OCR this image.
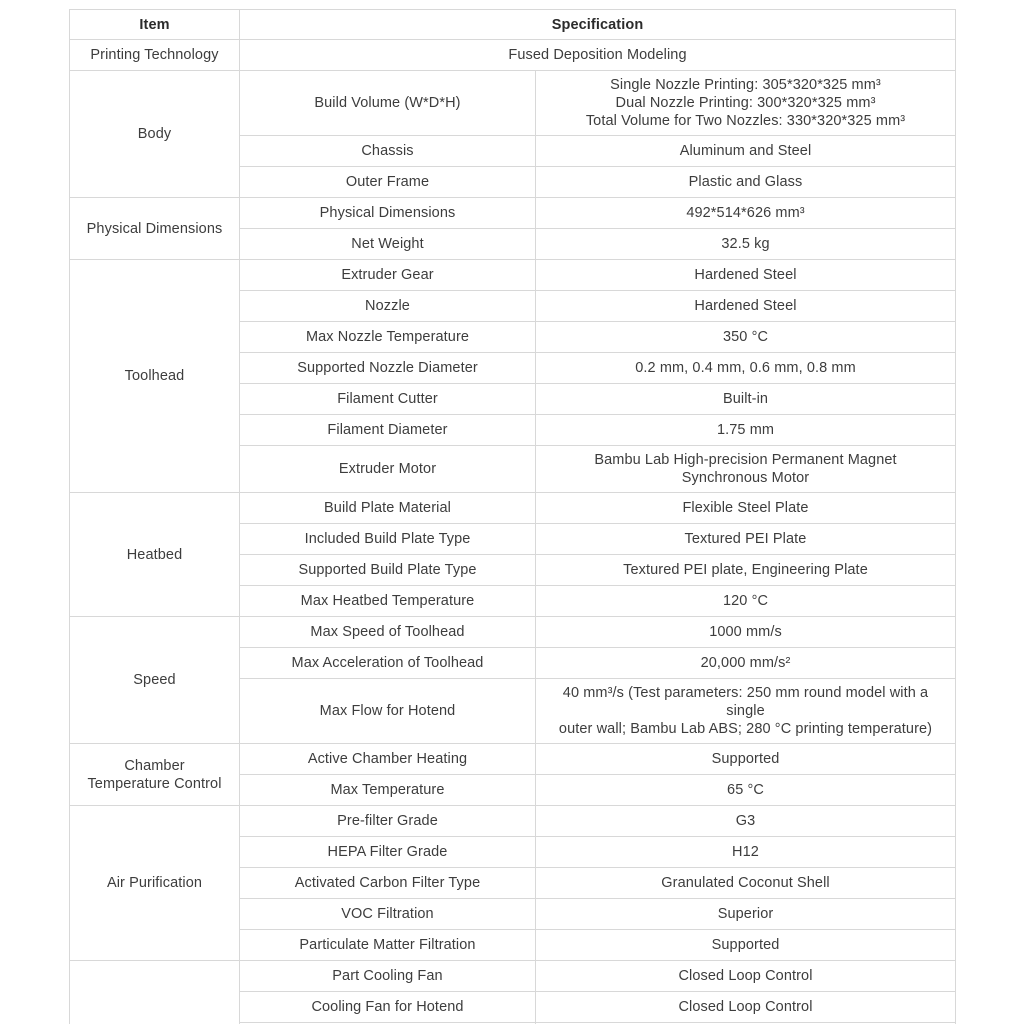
Item	Specification	
Printing Technology	Fused Deposition Modeling	
Body	Build Volume (W*D*H)	Single Nozzle Printing: 305*320*325 mm³
Dual Nozzle Printing: 300*320*325 mm³
Total Volume for Two Nozzles: 330*320*325 mm³

	Chassis	Aluminum and Steel
	Outer Frame	Plastic and Glass
Physical Dimensions	Physical Dimensions	492*514*626 mm³
	Net Weight	32.5 kg
Toolhead	Extruder Gear	Hardened Steel
	Nozzle	Hardened Steel
	Max Nozzle Temperature	350 °C
	Supported Nozzle Diameter	0.2 mm, 0.4 mm, 0.6 mm, 0.8 mm
	Filament Cutter	Built-in
	Filament Diameter	1.75 mm
	Extruder Motor	Bambu Lab High-precision Permanent Magnet
Synchronous Motor

Heatbed	Build Plate Material	Flexible Steel Plate
	Included Build Plate Type	Textured PEI Plate
	Supported Build Plate Type	Textured PEI plate, Engineering Plate
	Max Heatbed Temperature	120 °C
Speed	Max Speed of Toolhead	1000 mm/s
	Max Acceleration of Toolhead	20,000 mm/s²
	Max Flow for Hotend	40 mm³/s (Test parameters: 250 mm round model with a single
outer wall; Bambu Lab ABS; 280 °C printing temperature)

Chamber
Temperature Control	Active Chamber Heating	Supported
	Max Temperature	65 °C
Air Purification	Pre-filter Grade	G3
	HEPA Filter Grade	H12
	Activated Carbon Filter Type	Granulated Coconut Shell
	VOC Filtration	Superior
	Particulate Matter Filtration	Supported
	Part Cooling Fan	Closed Loop Control
	Cooling Fan for Hotend	Closed Loop Control
